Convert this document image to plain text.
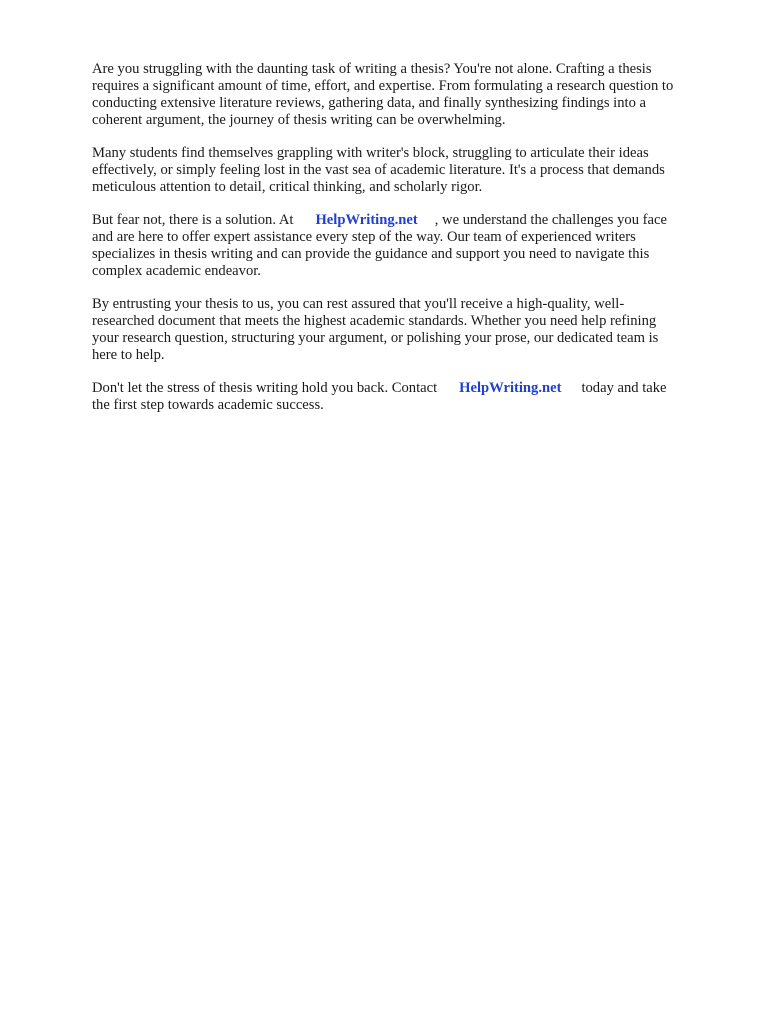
Are you struggling with the daunting task of writing a thesis? You're not alone. Crafting a thesis
requires a significant amount of time, effort, and expertise. From formulating a research question to
conducting extensive literature reviews, gathering data, and finally synthesizing findings into a
coherent argument, the journey of thesis writing can be overwhelming.

Many students find themselves grappling with writer's block, struggling to articulate their ideas
effectively, or simply feeling lost in the vast sea of academic literature. It's a process that demands
meticulous attention to detail, critical thinking, and scholarly rigor.

But fear not, there is a solution. At HelpWriting.net , we understand the challenges you face
and are here to offer expert assistance every step of the way. Our team of experienced writers
specializes in thesis writing and can provide the guidance and support you need to navigate this
complex academic endeavor.

By entrusting your thesis to us, you can rest assured that you'll receive a high-quality, well-
researched document that meets the highest academic standards. Whether you need help refining
your research question, structuring your argument, or polishing your prose, our dedicated team is
here to help.

Don't let the stress of thesis writing hold you back. Contact HelpWriting.net today and take
the first step towards academic success.
